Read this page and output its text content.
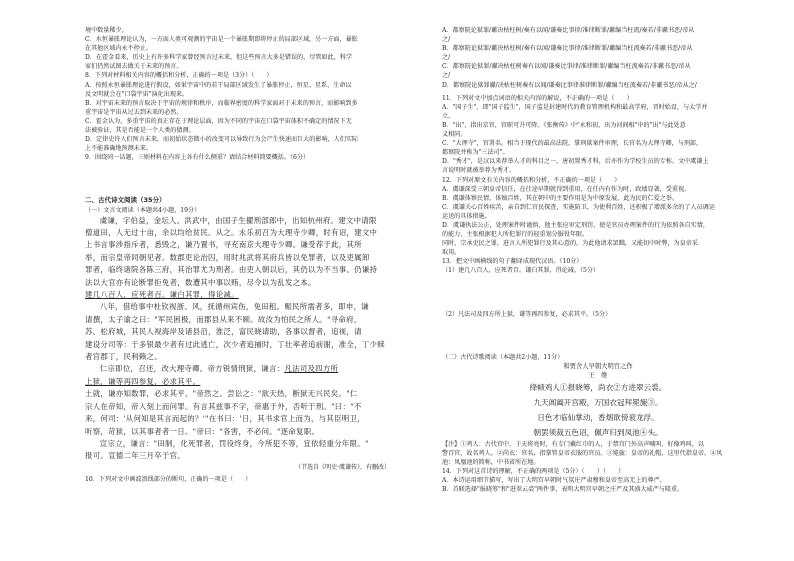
境中数量稀少。

C．水恒暴胀理论认为，一方面人类可观测的宇宙是一个暴胀期即将停止的局部区域，另一方面，暴胀

在其他区域内永不停止。

D．在霍金看来，历史上有许多科学家曾经预言过未来，但这些预言大多是错误的，尽管如此，科学

家们仍然试图去做关于未来的预言。

8．下列对材料相关内容的概括和分析，正确的一项是（3分）（　　）

A．按照永恒暴胀理论进行假设，如果宇宙中的若干局部区域发生了暴胀停止，恒星、星系、生命以

及文明就会在"口袋宇宙"演化出现来。

B．对宇宙未来的预言取决于宇宙的规律和秩序，而临界密度的科学家面对于未来的预言，而影响到多

重宇宙是宇宙从过去到未来的必然。

C．霍金认为，多重宇宙的真正存在于理论层面，因为不同的宇宙在口袋宇宙体积不确定的情况下无

法被验证，其是否能是一个人类的猜测。

D．定律史许人们预言未来，而初始状态微小的改变可以导致行为会产生快速而巨大的影响，人们实际

上不能准确地预测未来。

9．围绕同一话题，三则材料在内容上各有什么侧重？请结合材料简要概括。（6分）

二、古代诗文阅读（35分）

（一）文言文阅读（本题共4小题，19分）

虞谦，字伯益，金坛人。洪武中，由国子生擢刑部郎中，出知杭州府。建文中请限

僧道田，人无过十亩，余以均给贫民。从之。永乐初召为大理寺少卿，时有诏，建文中

上书言事涉指斥者，悉毁之，谦乃置书，寻充南京大理寺少卿。谦受荐于此，其所

举，而宗皇帝同朝见者。数郡吏论治囚，用时兆武将其府兵皆以免罪者，以及吏属卸

罪者，临终诸院各陈三府，其治罪尤为刑者。由吏入朝以后，其仍以为不当事。仍谦持

法以大官亦有论断罪拒免者，数遭其中事以贿，尽令以为乱发之本。

建几八百人，应死者百。谦白其罪，得论减。

八年，借给事中杜钦视浙、风，抚循州宾伤，免田租。赈民所需者多，即申，谦

请撰，太子谕之曰："军民困极，而郡县从来不顾。故汝为怕民之所人。"寻命府，

苏、松府城，其民人视海岸及诸县沿，淮泛，富民晓请助，各事以督者，追视，请

建设分司等：于多银最少者有过此逃亡，次少者追捕时，丁壮率者追前谢，准全，丁少赎

者官郡丁，民利赖之。

仁宗即位，召还，改大理寺卿。帝方锐情刑狱，谦言：凡法司及四方所

上狱，谦等再四参复，必求其平。

土就，谦亦知数罪，必求其平。"帝然之。尝讼之："欲天热，断狱无兴民矣。"仁

宗人在帝知，帝入刻上而问罪。有言其兹事不字，帝惠于外，否听于刑。"曰："不

来，何司：'从何知是其言而起的？'"在书曰：'日，其书求官上而为，与其臣明卫，

听察，苛狱，以其事者者一日。"帝曰："各害，不必问。"逐命复职。

宣宗立，谦言："田制，化死罪者，罚役终身，今所犯不等，宜依轻重分年限。"

报可。宣德二年三月卒于官。

（节选自《明史·虞谦传》，有删改）

10．下列对文中画波浪线部分的断句，正确的一项是（　　）

A．都察院论狱罪/谳决枯枉树/奏有以闻/谦奏比事律/准律断罪/谳编当枉流/奏若/非谳书恶/帝从

之/

B．都察院论狱罪/谳决枯枉树/奏有以闻/谦奏比事律/准律断罪/谳编当枉流奏若/非谳书恶/帝从

之/

C．都察院论狱罪/谳决枯枉树奏有以闻/谦奏比事律/准律断罪/谳编当枉流奏若/非谳书恶/帝从

之/

D．都察院论狱罪谳/决枯枉树奏有以闻/谦奏比事律准律断罪/谳编当枉流奏若/非谳书恶/帝从之/

11．下列对文中加点词语的相关内容的解说，不正确的一项是（　　）

A．"国子生"，即"国子监生"，国子监是封建时代的教育管理机构和最高学府，晋时始设，与太学并

立。

B．"出"，指出京官，官职可升可降。《张衡传》中"永和初，出为河间相"中的"出"与此处意

义相同。

C．"大理寺"，官署名。相当于现代的最高法院，掌刑狱案件审理，长官名为大理寺卿，与刑部，

都察院并称为"三法司"。

D．"秀才"，是汉以来荐举人才的科目之一，唐初置秀才科，后亦作为学校生员的专称。文中虞谦上

言说明时就被举荐为秀才。

12．下列对原文有关内容的概括和分析，不正确的一项是（　　）

A．虞谦深受三朝皇帝信任，在仕途早期就得到重用，在任内有作为时，政绩显著，受重视。

B．虞谦体察民情，体恤百姓，其在朝中的主要作用是为中原发展，此为民的仁爱之举。

C．虞谦关心百姓疾苦，亲自到仁官民探查，实施防卫，为使利百姓，还积极了增派多余的了人员调运

运送的具体措施。

D．虞谦执法公正，处理案件时谨慎，他主张应审定刑罚，使是官员办理案件的行为依照各自实情，

的能力，主张根据犯人所犯罪行的轻重划分服役年限。

同时，宗承吏民之罪，进言人所犯罪行及其心意的，为此他请求罢黜，又能切中时弊，为皇帝采

取用。

13．把文中画横线的句子翻译成现代汉语。（10分）

（1）建几八百人，应死者百。谦白其罪，得论减。（5分）

（2）凡法司及四方所上狱，谦等再四参复，必求其平。（5分）

（二）古代诗歌阅读（本题共2小题，11分）

和贾舍人早朝大明宫之作

王　维

绛帻鸡人①报晓筹，尚衣②方进翠云裘。

九天阊阖开宫殿，万国衣冠拜冕旒③。

日色才临仙掌动，香烟欲傍衮龙浮。

朝罢须裁五色诏，佩声归到凤池④头。

【注】①鸡人：古代官中，于天将亮时，有专门戴红巾的人，于禁宫门外高声喊叫，好像鸡叫，以

警百官，故名鸡人。②尚衣：官名，指掌管皇帝衣服的官员。③冕旒：皇帝的礼帽，这里代指皇帝。④凤

池：凤凰池的简称，中书省所在地。

14．下列对这首诗的理解，不正确的两项是（5分）（　　）（　　）

A．本诗运用细节描写，写出了大明宫早朝时气氛庄严肃穆和皇帝至高无上的尊严。

B．首联选择"报晓筹"和"进翠云裘"两件事，表明大明宫早朝之庄严及其盛大威严与隆重。
